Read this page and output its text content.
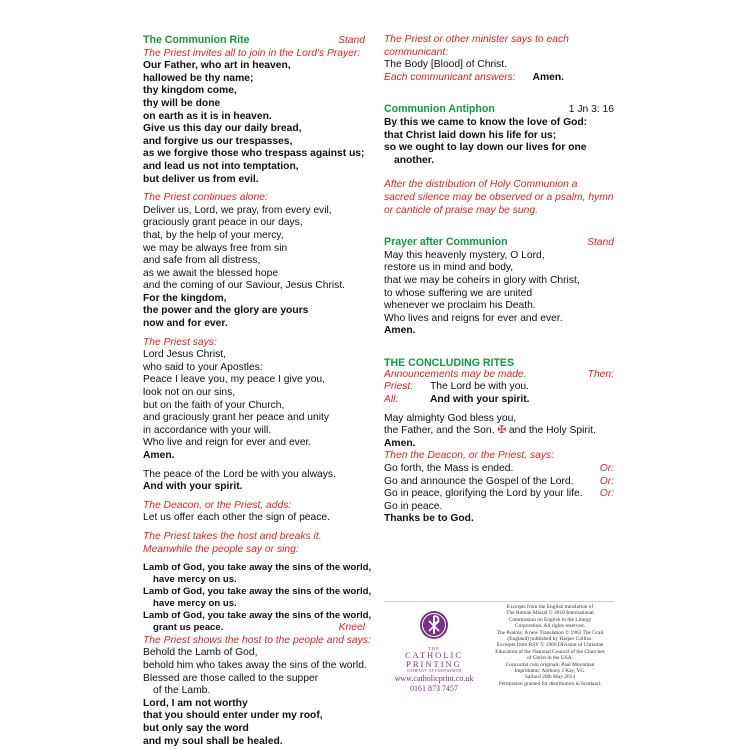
The Communion Rite	Stand
The Priest invites all to join in the Lord's Prayer:
Our Father, who art in heaven,
hallowed be thy name;
thy kingdom come,
thy will be done
on earth as it is in heaven.
Give us this day our daily bread,
and forgive us our trespasses,
as we forgive those who trespass against us;
and lead us not into temptation,
but deliver us from evil.
The Priest continues alone:
Deliver us, Lord, we pray, from every evil,
graciously grant peace in our days,
that, by the help of your mercy,
we may be always free from sin
and safe from all distress,
as we await the blessed hope
and the coming of our Saviour, Jesus Christ.
For the kingdom,
the power and the glory are yours
now and for ever.
The Priest says:
Lord Jesus Christ,
who said to your Apostles:
Peace I leave you, my peace I give you,
look not on our sins,
but on the faith of your Church,
and graciously grant her peace and unity
in accordance with your will.
Who live and reign for ever and ever.
Amen.
The peace of the Lord be with you always.
And with your spirit.
The Deacon, or the Priest, adds:
Let us offer each other the sign of peace.
The Priest takes the host and breaks it.
Meanwhile the people say or sing:
Lamb of God, you take away the sins of the world,
have mercy on us.
Lamb of God, you take away the sins of the world,
have mercy on us.
Lamb of God, you take away the sins of the world,
grant us peace.	Kneel
The Priest shows the host to the people and says:
Behold the Lamb of God,
behold him who takes away the sins of the world.
Blessed are those called to the supper
of the Lamb.
Lord, I am not worthy
that you should enter under my roof,
but only say the word
and my soul shall be healed.
The Priest or other minister says to each
communicant:
The Body [Blood] of Christ.
Each communicant answers: Amen.
Communion Antiphon	1 Jn 3: 16
By this we came to know the love of God:
that Christ laid down his life for us;
so we ought to lay down our lives for one
another.
After the distribution of Holy Communion a
sacred silence may be observed or a psalm, hymn
or canticle of praise may be sung.
Prayer after Communion	Stand
May this heavenly mystery, O Lord,
restore us in mind and body,
that we may be coheirs in glory with Christ,
to whose suffering we are united
whenever we proclaim his Death.
Who lives and reigns for ever and ever.
Amen.
THE CONCLUDING RITES
Announcements may be made.	Then:
Priest:	The Lord be with you.
All:	And with your spirit.
May almighty God bless you,
the Father, and the Son, ✠ and the Holy Spirit.
Amen.
Then the Deacon, or the Priest, says:
Go forth, the Mass is ended.	Or:
Go and announce the Gospel of the Lord.	Or:
Go in peace, glorifying the Lord by your life. Or:
Go in peace.
Thanks be to God.
THE
CATHOLIC
PRINTING
COMPANY OF FARNWORTH
www.catholicprint.co.uk
0161 873 7457
Excerpts from the English translation of
The Roman Missal © 2010 International
Commission on English in the Liturgy
Corporation. All rights reserved.
The Psalms: A new Translation © 1963 The Grail
(England) published by Harper Collins.
Excerpts from RSV © 1966 Division of Christian
Education of the National Council of the Churches
of Christ in the USA.
Concordat cum originali: Paul Moynihan
Imprimatur: Anthony J Kay, VG.
Salford 20th May 2014
Permission granted for distribution in Scotland.
